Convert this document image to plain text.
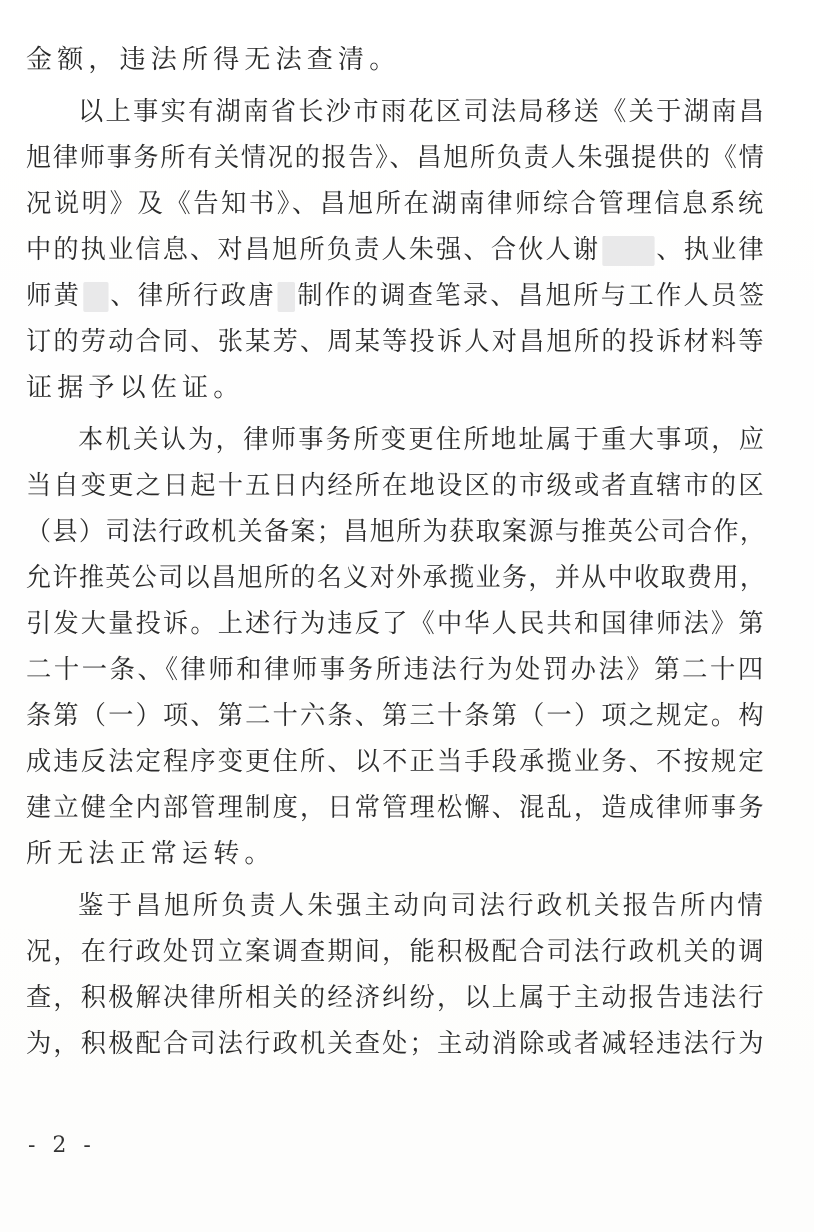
金额，违法所得无法查清。
以上事实有湖南省长沙市雨花区司法局移送《关于湖南昌
旭律师事务所有关情况的报告》、昌旭所负责人朱强提供的《情
况说明》及《告知书》、昌旭所在湖南律师综合管理信息系统
中的执业信息、对昌旭所负责人朱强、合伙人谢 、执业律
师黄 、律所行政唐 制作的调查笔录、昌旭所与工作人员签
订的劳动合同、张某芳、周某等投诉人对昌旭所的投诉材料等
证据予以佐证。
本机关认为，律师事务所变更住所地址属于重大事项，应
当自变更之日起十五日内经所在地设区的市级或者直辖市的区
（县）司法行政机关备案；昌旭所为获取案源与推英公司合作，
允许推英公司以昌旭所的名义对外承揽业务，并从中收取费用，
引发大量投诉。上述行为违反了《中华人民共和国律师法》第
二十一条、《律师和律师事务所违法行为处罚办法》第二十四
条第（一）项、第二十六条、第三十条第（一）项之规定。构
成违反法定程序变更住所、以不正当手段承揽业务、不按规定
建立健全内部管理制度，日常管理松懈、混乱，造成律师事务
所无法正常运转。
鉴于昌旭所负责人朱强主动向司法行政机关报告所内情
况，在行政处罚立案调查期间，能积极配合司法行政机关的调
查，积极解决律所相关的经济纠纷，以上属于主动报告违法行
为，积极配合司法行政机关查处；主动消除或者减轻违法行为
- 2 -
